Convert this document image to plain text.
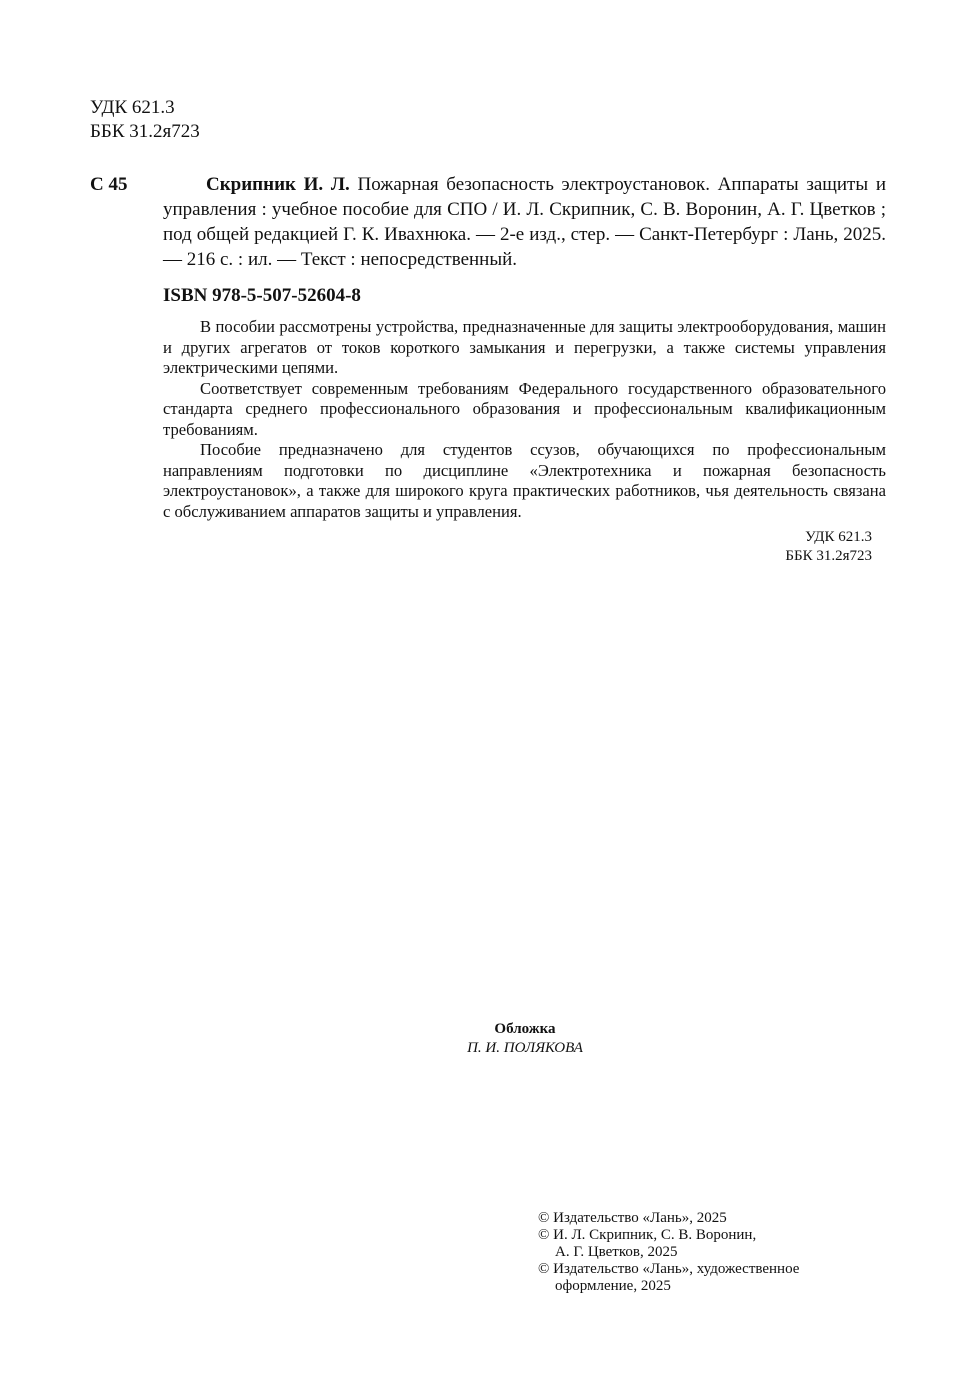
УДК 621.3
ББК 31.2я723
С 45	Скрипник И. Л. Пожарная безопасность электроустановок. Аппараты защиты и управления : учебное пособие для СПО / И. Л. Скрипник, С. В. Воронин, А. Г. Цветков ; под общей редакцией Г. К. Ивахнюка. — 2-е изд., стер. — Санкт-Петербург : Лань, 2025. — 216 с. : ил. — Текст : непосредственный.
ISBN 978-5-507-52604-8

В пособии рассмотрены устройства, предназначенные для защиты электрооборудования, машин и других агрегатов от токов короткого замыкания и перегрузки, а также системы управления электрическими цепями.

Соответствует современным требованиям Федерального государственного образовательного стандарта среднего профессионального образования и профессиональным квалификационным требованиям.

Пособие предназначено для студентов ссузов, обучающихся по профессиональным направлениям подготовки по дисциплине «Электротехника и пожарная безопасность электроустановок», а также для широкого круга практических работников, чья деятельность связана с обслуживанием аппаратов защиты и управления.

УДК 621.3
ББК 31.2я723
Обложка
П. И. ПОЛЯКОВА
© Издательство «Лань», 2025
© И. Л. Скрипник, С. В. Воронин,
А. Г. Цветков, 2025
© Издательство «Лань», художественное
оформление, 2025
